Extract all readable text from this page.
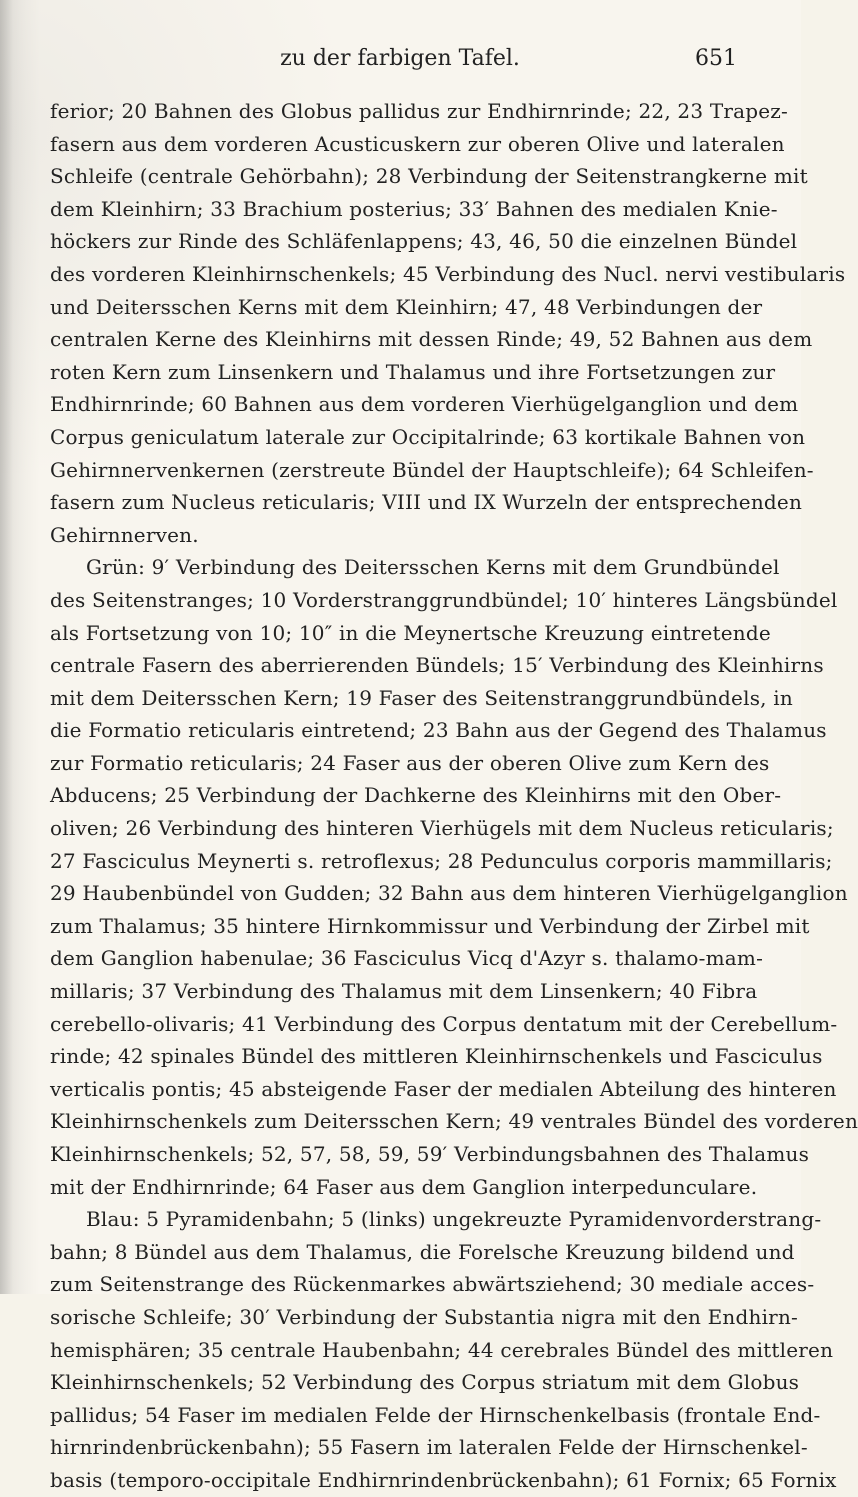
zu der farbigen Tafel.	651
ferior; 20 Bahnen des Globus pallidus zur Endhirnrinde; 22, 23 Trapez-
fasern aus dem vorderen Acusticuskern zur oberen Olive und lateralen
Schleife (centrale Gehörbahn); 28 Verbindung der Seitenstrangkerne mit
dem Kleinhirn; 33 Brachium posterius; 33′ Bahnen des medialen Knie-
höckers zur Rinde des Schläfenlappens; 43, 46, 50 die einzelnen Bündel
des vorderen Kleinhirnschenkels; 45 Verbindung des Nucl. nervi vestibularis
und Deitersschen Kerns mit dem Kleinhirn; 47, 48 Verbindungen der
centralen Kerne des Kleinhirns mit dessen Rinde; 49, 52 Bahnen aus dem
roten Kern zum Linsenkern und Thalamus und ihre Fortsetzungen zur
Endhirnrinde; 60 Bahnen aus dem vorderen Vierhügelganglion und dem
Corpus geniculatum laterale zur Occipitalrinde; 63 kortikale Bahnen von
Gehirnnervenkernen (zerstreute Bündel der Hauptschleife); 64 Schleifen-
fasern zum Nucleus reticularis; VIII und IX Wurzeln der entsprechenden
Gehirnnerven.
Grün: 9′ Verbindung des Deitersschen Kerns mit dem Grundbündel
des Seitenstranges; 10 Vorderstranggrundbündel; 10′ hinteres Längsbündel
als Fortsetzung von 10; 10″ in die Meynertsche Kreuzung eintretende
centrale Fasern des aberrierenden Bündels; 15′ Verbindung des Kleinhirns
mit dem Deitersschen Kern; 19 Faser des Seitenstranggrundbündels, in
die Formatio reticularis eintretend; 23 Bahn aus der Gegend des Thalamus
zur Formatio reticularis; 24 Faser aus der oberen Olive zum Kern des
Abducens; 25 Verbindung der Dachkerne des Kleinhirns mit den Ober-
oliven; 26 Verbindung des hinteren Vierhügels mit dem Nucleus reticularis;
27 Fasciculus Meynerti s. retroflexus; 28 Pedunculus corporis mammillaris;
29 Haubenbündel von Gudden; 32 Bahn aus dem hinteren Vierhügelganglion
zum Thalamus; 35 hintere Hirnkommissur und Verbindung der Zirbel mit
dem Ganglion habenulae; 36 Fasciculus Vicq d'Azyr s. thalamo-mam-
millaris; 37 Verbindung des Thalamus mit dem Linsenkern; 40 Fibra
cerebello-olivaris; 41 Verbindung des Corpus dentatum mit der Cerebellum-
rinde; 42 spinales Bündel des mittleren Kleinhirnschenkels und Fasciculus
verticalis pontis; 45 absteigende Faser der medialen Abteilung des hinteren
Kleinhirnschenkels zum Deitersschen Kern; 49 ventrales Bündel des vorderen
Kleinhirnschenkels; 52, 57, 58, 59, 59′ Verbindungsbahnen des Thalamus
mit der Endhirnrinde; 64 Faser aus dem Ganglion interpedunculare.
Blau: 5 Pyramidenbahn; 5 (links) ungekreuzte Pyramidenvorderstrang-
bahn; 8 Bündel aus dem Thalamus, die Forelsche Kreuzung bildend und
zum Seitenstrange des Rückenmarkes abwärtsziehend; 30 mediale acces-
sorische Schleife; 30′ Verbindung der Substantia nigra mit den Endhirn-
hemisphären; 35 centrale Haubenbahn; 44 cerebrales Bündel des mittleren
Kleinhirnschenkels; 52 Verbindung des Corpus striatum mit dem Globus
pallidus; 54 Faser im medialen Felde der Hirnschenkelbasis (frontale End-
hirnrindenbrückenbahn); 55 Fasern im lateralen Felde der Hirnschenkel-
basis (temporo-occipitale Endhirnrindenbrückenbahn); 61 Fornix; 65 Fornix
